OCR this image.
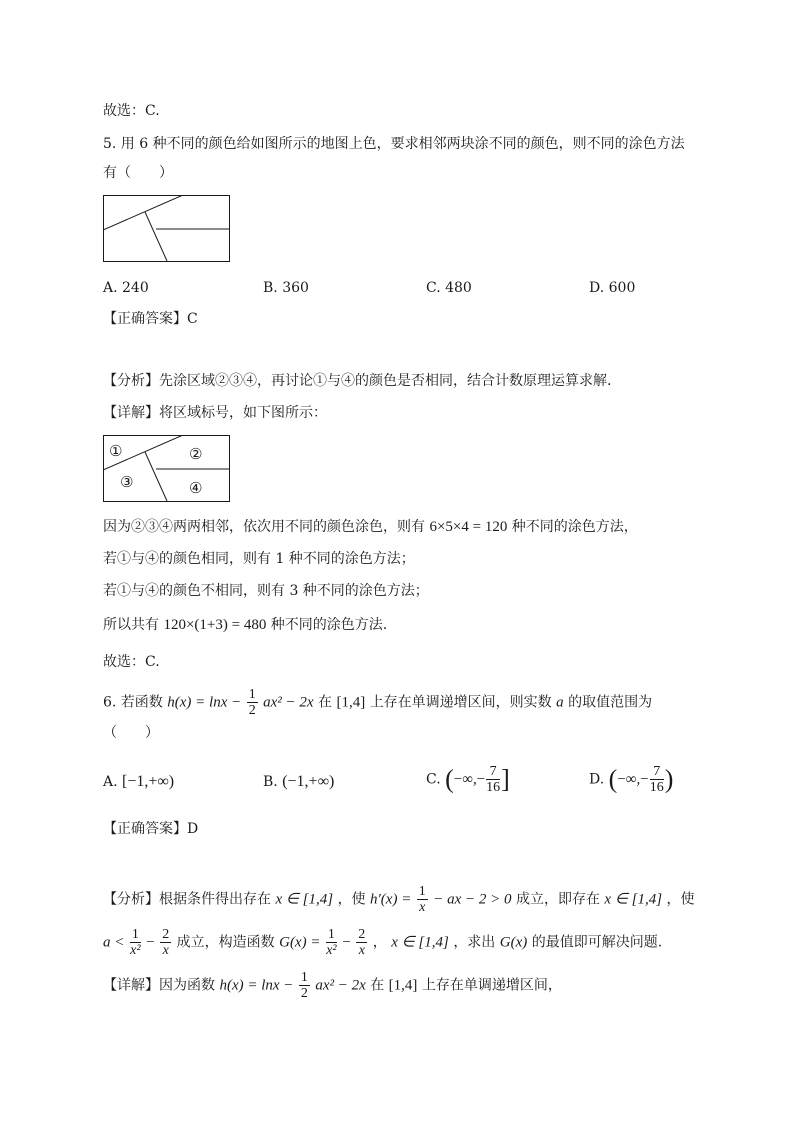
故选：C.
5. 用 6 种不同的颜色给如图所示的地图上色，要求相邻两块涂不同的颜色，则不同的涂色方法
有（　　）
A. 240	B. 360	C. 480	D. 600
【正确答案】C
【分析】先涂区域②③④，再讨论①与④的颜色是否相同，结合计数原理运算求解.
【详解】将区域标号，如下图所示：
①	②
③	④
因为②③④两两相邻，依次用不同的颜色涂色，则有 6×5×4 = 120 种不同的涂色方法，
若①与④的颜色相同，则有 1 种不同的涂色方法；
若①与④的颜色不相同，则有 3 种不同的涂色方法；
所以共有 120×(1+3) = 480 种不同的涂色方法.
故选：C.
6. 若函数 $h(x) = \ln x - \frac{1}{2} ax^2 - 2x$ 在 [1,4] 上存在单调递增区间，则实数 a 的取值范围为
（　　）
A. [−1,+∞)	B. (−1,+∞)	C. (−∞,− $\frac{7}{16}$ ]	D. (−∞,− $\frac{7}{16}$ )
【正确答案】D
【分析】根据条件得出存在 x ∈ [1,4] ，使 $h'(x) = \frac{1}{x}$ − ax − 2 > 0 成立，即存在 x ∈ [1,4] ，使
$a < \frac{1}{\text{x²}} - \frac{2}{x}$ 成立，构造函数 $G(x) = \frac{1}{\text{x²}} - \frac{2}{x}$ ， x ∈ [1,4] ，求出 G(x) 的最值即可解决问题.
【详解】因为函数 $h(x) = \ln x - \frac{1}{2} ax^2 - 2x$ 在 [1,4] 上存在单调递增区间，
